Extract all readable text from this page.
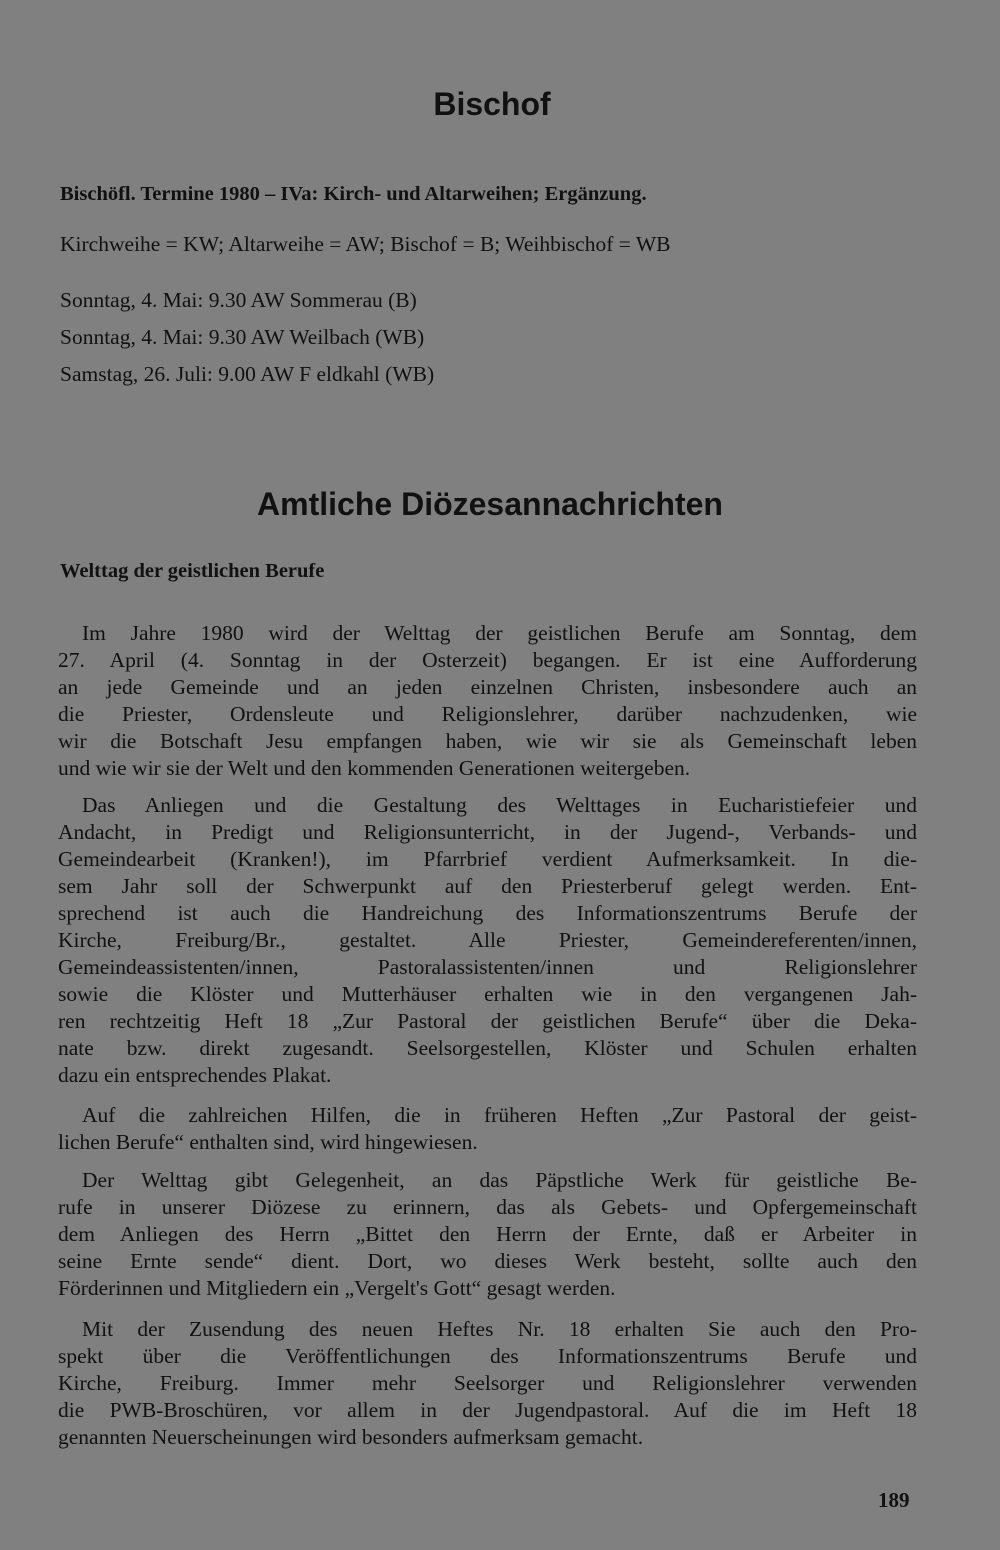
Bischof
Bischöfl. Termine 1980 – IVa: Kirch- und Altarweihen; Ergänzung.
Kirchweihe = KW; Altarweihe = AW; Bischof = B; Weihbischof = WB
Sonntag, 4. Mai: 9.30 AW Sommerau (B)
Sonntag, 4. Mai: 9.30 AW Weilbach (WB)
Samstag, 26. Juli: 9.00 AW F eldkahl (WB)
Amtliche Diözesannachrichten
Welttag der geistlichen Berufe
Im Jahre 1980 wird der Welttag der geistlichen Berufe am Sonntag, dem
27. April (4. Sonntag in der Osterzeit) begangen. Er ist eine Aufforderung
an jede Gemeinde und an jeden einzelnen Christen, insbesondere auch an
die Priester, Ordensleute und Religionslehrer, darüber nachzudenken, wie
wir die Botschaft Jesu empfangen haben, wie wir sie als Gemeinschaft leben
und wie wir sie der Welt und den kommenden Generationen weitergeben.
Das Anliegen und die Gestaltung des Welttages in Eucharistiefeier und
Andacht, in Predigt und Religionsunterricht, in der Jugend-, Verbands- und
Gemeindearbeit (Kranken!), im Pfarrbrief verdient Aufmerksamkeit. In die-
sem Jahr soll der Schwerpunkt auf den Priesterberuf gelegt werden. Ent-
sprechend ist auch die Handreichung des Informationszentrums Berufe der
Kirche, Freiburg/Br., gestaltet. Alle Priester, Gemeindereferenten/innen,
Gemeindeassistenten/innen, Pastoralassistenten/innen und Religionslehrer
sowie die Klöster und Mutterhäuser erhalten wie in den vergangenen Jah-
ren rechtzeitig Heft 18 „Zur Pastoral der geistlichen Berufe“ über die Deka-
nate bzw. direkt zugesandt. Seelsorgestellen, Klöster und Schulen erhalten
dazu ein entsprechendes Plakat.
Auf die zahlreichen Hilfen, die in früheren Heften „Zur Pastoral der geist-
lichen Berufe“ enthalten sind, wird hingewiesen.
Der Welttag gibt Gelegenheit, an das Päpstliche Werk für geistliche Be-
rufe in unserer Diözese zu erinnern, das als Gebets- und Opfergemeinschaft
dem Anliegen des Herrn „Bittet den Herrn der Ernte, daß er Arbeiter in
seine Ernte sende“ dient. Dort, wo dieses Werk besteht, sollte auch den
Förderinnen und Mitgliedern ein „Vergelt's Gott“ gesagt werden.
Mit der Zusendung des neuen Heftes Nr. 18 erhalten Sie auch den Pro-
spekt über die Veröffentlichungen des Informationszentrums Berufe und
Kirche, Freiburg. Immer mehr Seelsorger und Religionslehrer verwenden
die PWB-Broschüren, vor allem in der Jugendpastoral. Auf die im Heft 18
genannten Neuerscheinungen wird besonders aufmerksam gemacht.
189
